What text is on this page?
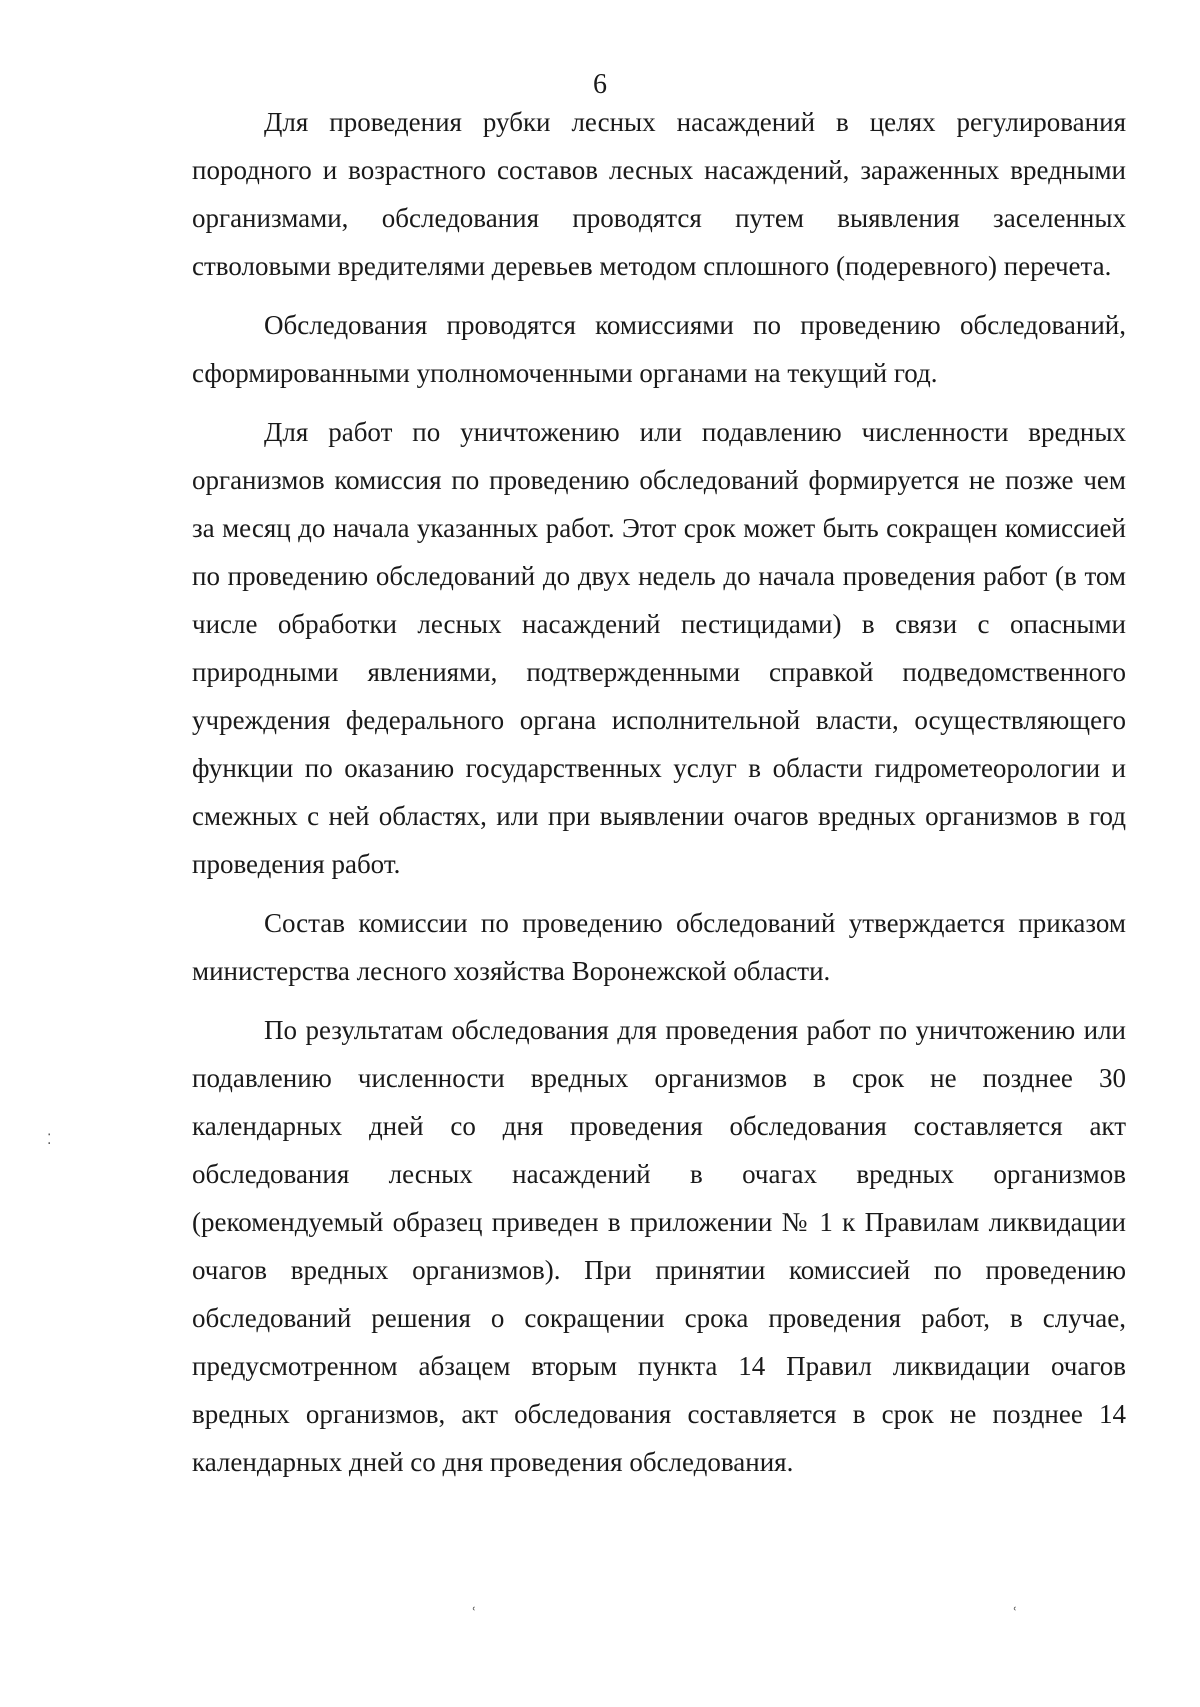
6

Для проведения рубки лесных насаждений в целях регулирования породного и возрастного составов лесных насаждений, зараженных вредными организмами, обследования проводятся путем выявления заселенных стволовыми вредителями деревьев методом сплошного (подеревного) перечета.

Обследования проводятся комиссиями по проведению обследований, сформированными уполномоченными органами на текущий год.

Для работ по уничтожению или подавлению численности вредных организмов комиссия по проведению обследований формируется не позже чем за месяц до начала указанных работ. Этот срок может быть сокращен комиссией по проведению обследований до двух недель до начала проведения работ (в том числе обработки лесных насаждений пестицидами) в связи с опасными природными явлениями, подтвержденными справкой подведомственного учреждения федерального органа исполнительной власти, осуществляющего функции по оказанию государственных услуг в области гидрометеорологии и смежных с ней областях, или при выявлении очагов вредных организмов в год проведения работ.

Состав комиссии по проведению обследований утверждается приказом министерства лесного хозяйства Воронежской области.

По результатам обследования для проведения работ по уничтожению или подавлению численности вредных организмов в срок не позднее 30 календарных дней со дня проведения обследования составляется акт обследования лесных насаждений в очагах вредных организмов (рекомендуемый образец приведен в приложении № 1 к Правилам ликвидации очагов вредных организмов). При принятии комиссией по проведению обследований решения о сокращении срока проведения работ, в случае, предусмотренном абзацем вторым пункта 14 Правил ликвидации очагов вредных организмов, акт обследования составляется в срок не позднее 14 календарных дней со дня проведения обследования.

⁚
˓	˓
